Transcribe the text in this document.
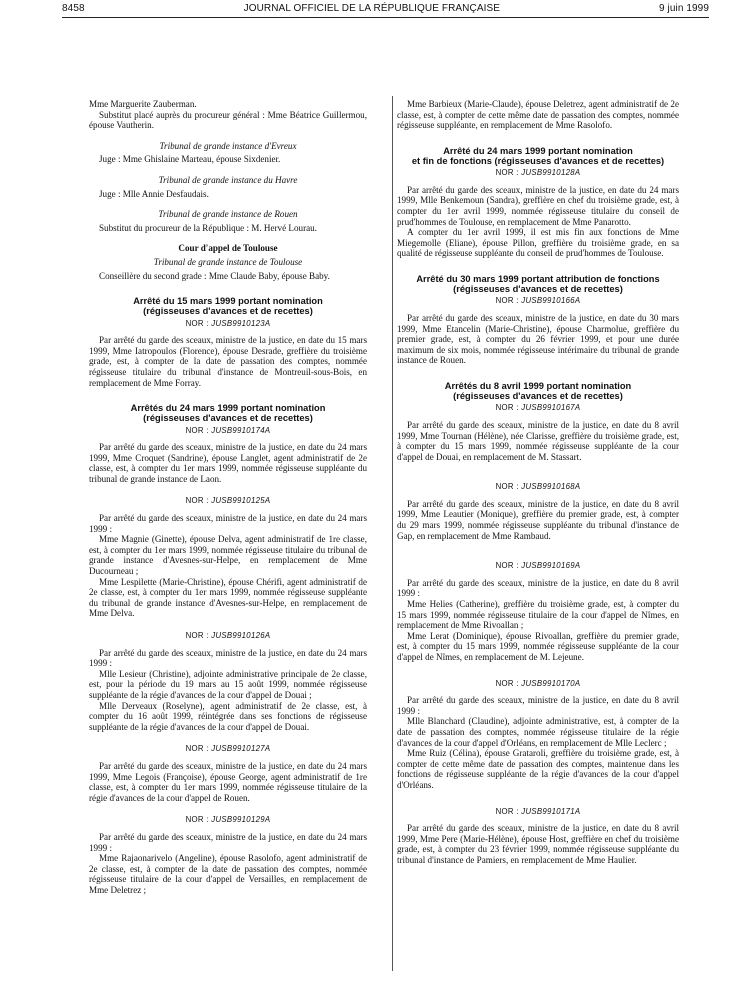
8458	JOURNAL OFFICIEL DE LA RÉPUBLIQUE FRANÇAISE	9 juin 1999

Mme Marguerite Zauberman.

Substitut placé auprès du procureur général : Mme Béatrice Guillermou, épouse Vautherin.

Tribunal de grande instance d'Evreux

Juge : Mme Ghislaine Marteau, épouse Sixdenier.

Tribunal de grande instance du Havre

Juge : Mlle Annie Desfaudais.

Tribunal de grande instance de Rouen

Substitut du procureur de la République : M. Hervé Lourau.

Cour d'appel de Toulouse

Tribunal de grande instance de Toulouse

Conseillère du second grade : Mme Claude Baby, épouse Baby.

Arrêté du 15 mars 1999 portant nomination
(régisseuses d'avances et de recettes)
NOR : JUSB9910123A

Par arrêté du garde des sceaux, ministre de la justice, en date du 15 mars 1999, Mme Iatropoulos (Florence), épouse Desrade, greffière du troisième grade, est, à compter de la date de passation des comptes, nommée régisseuse titulaire du tribunal d'instance de Montreuil-sous-Bois, en remplacement de Mme Forray.

Arrêtés du 24 mars 1999 portant nomination
(régisseuses d'avances et de recettes)
NOR : JUSB9910174A

Par arrêté du garde des sceaux, ministre de la justice, en date du 24 mars 1999, Mme Croquet (Sandrine), épouse Langlet, agent administratif de 2e classe, est, à compter du 1er mars 1999, nommée régisseuse suppléante du tribunal de grande instance de Laon.

NOR : JUSB9910125A

Par arrêté du garde des sceaux, ministre de la justice, en date du 24 mars 1999 :

Mme Magnie (Ginette), épouse Delva, agent administratif de 1re classe, est, à compter du 1er mars 1999, nommée régisseuse titulaire du tribunal de grande instance d'Avesnes-sur-Helpe, en remplacement de Mme Ducourneau ;

Mme Lespilette (Marie-Christine), épouse Chérifi, agent administratif de 2e classe, est, à compter du 1er mars 1999, nommée régisseuse suppléante du tribunal de grande instance d'Avesnes-sur-Helpe, en remplacement de Mme Delva.

NOR : JUSB9910126A

Par arrêté du garde des sceaux, ministre de la justice, en date du 24 mars 1999 :

Mlle Lesieur (Christine), adjointe administrative principale de 2e classe, est, pour la période du 19 mars au 15 août 1999, nommée régisseuse suppléante de la régie d'avances de la cour d'appel de Douai ;

Mlle Derveaux (Roselyne), agent administratif de 2e classe, est, à compter du 16 août 1999, réintégrée dans ses fonctions de régisseuse suppléante de la régie d'avances de la cour d'appel de Douai.

NOR : JUSB9910127A

Par arrêté du garde des sceaux, ministre de la justice, en date du 24 mars 1999, Mme Legois (Françoise), épouse George, agent administratif de 1re classe, est, à compter du 1er mars 1999, nommée régisseuse titulaire de la régie d'avances de la cour d'appel de Rouen.

NOR : JUSB9910129A

Par arrêté du garde des sceaux, ministre de la justice, en date du 24 mars 1999 :

Mme Rajaonarivelo (Angeline), épouse Rasolofo, agent administratif de 2e classe, est, à compter de la date de passation des comptes, nommée régisseuse titulaire de la cour d'appel de Versailles, en remplacement de Mme Deletrez ;

Mme Barbieux (Marie-Claude), épouse Deletrez, agent administratif de 2e classe, est, à compter de cette même date de passation des comptes, nommée régisseuse suppléante, en remplacement de Mme Rasolofo.

Arrêté du 24 mars 1999 portant nomination
et fin de fonctions (régisseuses d'avances et de recettes)
NOR : JUSB9910128A

Par arrêté du garde des sceaux, ministre de la justice, en date du 24 mars 1999, Mlle Benkemoun (Sandra), greffière en chef du troisième grade, est, à compter du 1er avril 1999, nommée régisseuse titulaire du conseil de prud'hommes de Toulouse, en remplacement de Mme Panarotto.

A compter du 1er avril 1999, il est mis fin aux fonctions de Mme Miegemolle (Eliane), épouse Pillon, greffière du troisième grade, en sa qualité de régisseuse suppléante du conseil de prud'hommes de Toulouse.

Arrêté du 30 mars 1999 portant attribution de fonctions
(régisseuses d'avances et de recettes)
NOR : JUSB9910166A

Par arrêté du garde des sceaux, ministre de la justice, en date du 30 mars 1999, Mme Etancelin (Marie-Christine), épouse Charmolue, greffière du premier grade, est, à compter du 26 février 1999, et pour une durée maximum de six mois, nommée régisseuse intérimaire du tribunal de grande instance de Rouen.

Arrêtés du 8 avril 1999 portant nomination
(régisseuses d'avances et de recettes)
NOR : JUSB9910167A

Par arrêté du garde des sceaux, ministre de la justice, en date du 8 avril 1999, Mme Tournan (Hélène), née Clarisse, greffière du troisième grade, est, à compter du 15 mars 1999, nommée régisseuse suppléante de la cour d'appel de Douai, en remplacement de M. Stassart.

NOR : JUSB9910168A

Par arrêté du garde des sceaux, ministre de la justice, en date du 8 avril 1999, Mme Leautier (Monique), greffière du premier grade, est, à compter du 29 mars 1999, nommée régisseuse suppléante du tribunal d'instance de Gap, en remplacement de Mme Rambaud.

NOR : JUSB9910169A

Par arrêté du garde des sceaux, ministre de la justice, en date du 8 avril 1999 :

Mme Helies (Catherine), greffière du troisième grade, est, à compter du 15 mars 1999, nommée régisseuse titulaire de la cour d'appel de Nîmes, en remplacement de Mme Rivoallan ;

Mme Lerat (Dominique), épouse Rivoallan, greffière du premier grade, est, à compter du 15 mars 1999, nommée régisseuse suppléante de la cour d'appel de Nîmes, en remplacement de M. Lejeune.

NOR : JUSB9910170A

Par arrêté du garde des sceaux, ministre de la justice, en date du 8 avril 1999 :

Mlle Blanchard (Claudine), adjointe administrative, est, à compter de la date de passation des comptes, nommée régisseuse titulaire de la régie d'avances de la cour d'appel d'Orléans, en remplacement de Mlle Leclerc ;

Mme Ruiz (Célina), épouse Grataroli, greffière du troisième grade, est, à compter de cette même date de passation des comptes, maintenue dans les fonctions de régisseuse suppléante de la régie d'avances de la cour d'appel d'Orléans.

NOR : JUSB9910171A

Par arrêté du garde des sceaux, ministre de la justice, en date du 8 avril 1999, Mme Pere (Marie-Hélène), épouse Host, greffière en chef du troisième grade, est, à compter du 23 février 1999, nommée régisseuse suppléante du tribunal d'instance de Pamiers, en remplacement de Mme Haulier.
